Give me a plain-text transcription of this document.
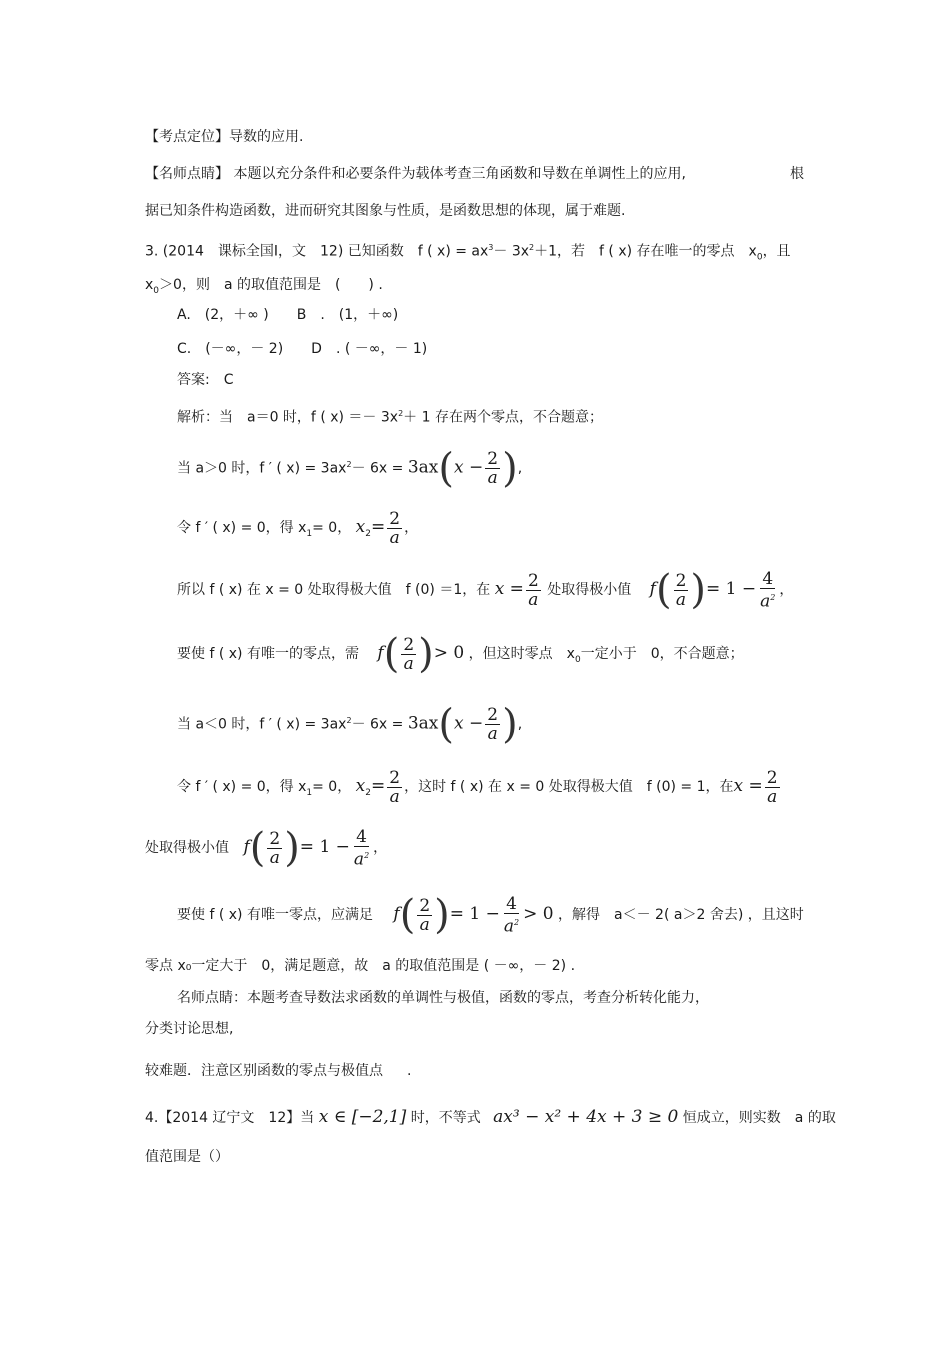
【考点定位】导数的应用.
【名师点睛】 本题以充分条件和必要条件为载体考查三角函数和导数在单调性上的应用,	根
据已知条件构造函数，进而研究其图象与性质，是函数思想的体现，属于难题.
3. (2014　课标全国Ⅰ，文　12) 已知函数　f ( $x) = ax^3- 3x^2+1$，若　f ( x) 存在唯一的零点　$x_0$，且
$x_0>0$，则　a 的取值范围是　(　　) .
A.　(2，＋∞ )　　B　.　(1，＋∞)
C.　(－∞，－ 2)　　D　. ( －∞，－ 1)
答案:　C
解析：当　a＝0 时，f ( $x) =- 3x^2+ 1$ 存在两个零点，不合题意；
当 a＞0 时，f ′ ( $x) = 3ax^2- 6x = 3ax(x - \frac{2}{a}$ ),
令 f ′ ( x) = 0，得 $x_1= 0$， $x_2= \frac{2}{a}$ ，
所以 f ( x) 在 x = 0 处取得极大值　f (0) ＝1，在 $x = \frac{2}{a}$ 处取得极小值 $f( \frac{2}{a}$ )= $1 - \frac{4}{a^2}$ ，
要使 f ( x) 有唯一的零点，需 $f( \frac{2}{a}$ )> 0 ，但这时零点　$x_0$一定小于　0，不合题意；
当 a＜0 时，f ′ ( $x) = 3ax^2- 6x = 3ax(x - \frac{2}{a}$ ),
令 f ′ ( x) = 0，得 $x_1= 0$， $x_2= \frac{2}{a}$ ，这时 f ( x) 在 x = 0 处取得极大值　f (0) = 1，在$x = \frac{2}{a}$
处取得极小值 $f( \frac{2}{a}$ )= $1 - \frac{4}{a^2}$ ，
要使 f ( x) 有唯一零点，应满足 $f( \frac{2}{a}$ )= $1 - \frac{4}{a^2} > 0$ ，解得　a＜－ 2( a＞2 舍去) ，且这时
零点 x₀一定大于　0，满足题意，故　a 的取值范围是 ( －∞，－ 2) .
名师点睛：本题考查导数法求函数的单调性与极值，函数的零点，考查分析转化能力，
分类讨论思想,
较难题．注意区别函数的零点与极值点 .
4.【2014 辽宁文　12】当 x ∈ [−2,1] 时，不等式 ax³ − x² + 4x + 3 ≥ 0 恒成立，则实数　a 的取
值范围是（）
